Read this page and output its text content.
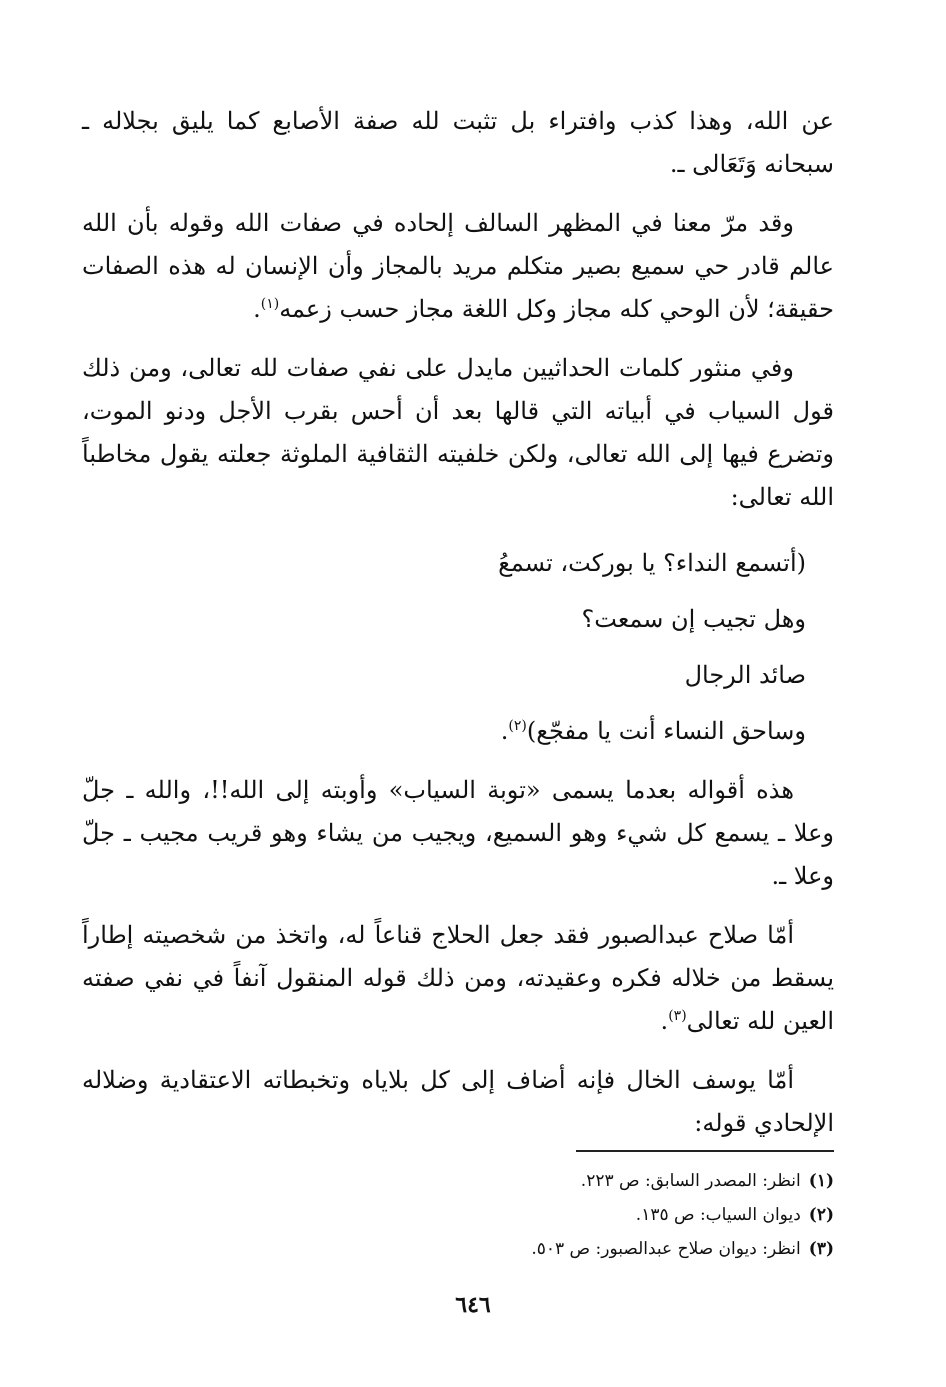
عن الله، وهذا كذب وافتراء بل تثبت لله صفة الأصابع كما يليق بجلاله ـ سبحانه وَتَعَالى ـ.

وقد مرّ معنا في المظهر السالف إلحاده في صفات الله وقوله بأن الله عالم قادر حي سميع بصير متكلم مريد بالمجاز وأن الإنسان له هذه الصفات حقيقة؛ لأن الوحي كله مجاز وكل اللغة مجاز حسب زعمه$^{(١)}$.

وفي منثور كلمات الحداثيين مايدل على نفي صفات لله تعالى، ومن ذلك قول السياب في أبياته التي قالها بعد أن أحس بقرب الأجل ودنو الموت، وتضرع فيها إلى الله تعالى، ولكن خلفيته الثقافية الملوثة جعلته يقول مخاطباً الله تعالى:

(أتسمع النداء؟ يا بوركت، تسمعُ
وهل تجيب إن سمعت؟
صائد الرجال
وساحق النساء أنت يا مفجّع)$^{(٢)}$.

هذه أقواله بعدما يسمى «توبة السياب» وأوبته إلى الله!!، والله ـ جلّ وعلا ـ يسمع كل شيء وهو السميع، ويجيب من يشاء وهو قريب مجيب ـ جلّ وعلا ـ.

أمّا صلاح عبدالصبور فقد جعل الحلاج قناعاً له، واتخذ من شخصيته إطاراً يسقط من خلاله فكره وعقيدته، ومن ذلك قوله المنقول آنفاً في نفي صفته العين لله تعالى$^{(٣)}$.

أمّا يوسف الخال فإنه أضاف إلى كل بلاياه وتخبطاته الاعتقادية وضلاله الإلحادي قوله:

(١)انظر: المصدر السابق: ص ٢٢٣.
(٢)ديوان السياب: ص ١٣٥.
(٣)انظر: ديوان صلاح عبدالصبور: ص ٥٠٣.
٦٤٦
